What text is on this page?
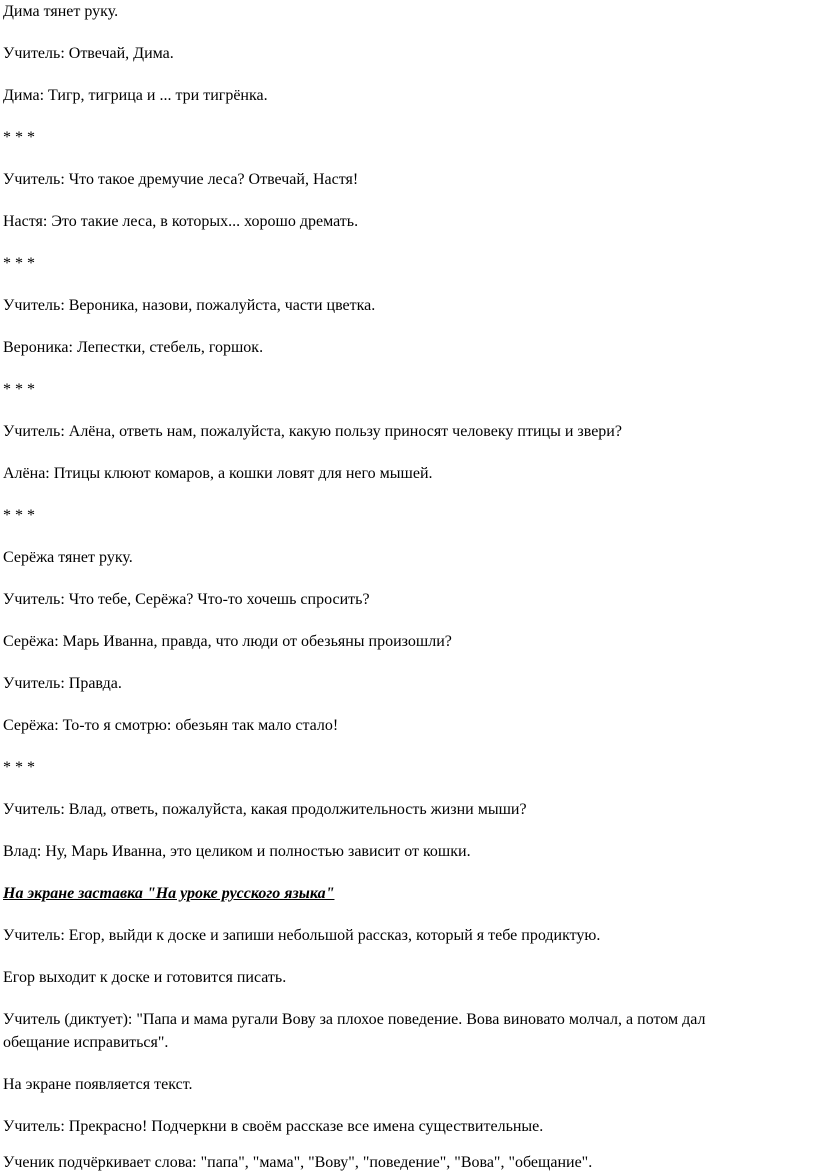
Дима тянет руку.
Учитель: Отвечай, Дима.
Дима: Тигр, тигрица и ... три тигрёнка.
* * *
Учитель: Что такое дремучие леса? Отвечай, Настя!
Настя: Это такие леса, в которых... хорошо дремать.
* * *
Учитель: Вероника, назови, пожалуйста, части цветка.
Вероника: Лепестки, стебель, горшок.
* * *
Учитель: Алёна, ответь нам, пожалуйста, какую пользу приносят человеку птицы и звери?
Алёна: Птицы клюют комаров, а кошки ловят для него мышей.
* * *
Серёжа тянет руку.
Учитель: Что тебе, Серёжа? Что-то хочешь спросить?
Серёжа: Марь Иванна, правда, что люди от обезьяны произошли?
Учитель: Правда.
Серёжа: То-то я смотрю: обезьян так мало стало!
* * *
Учитель: Влад, ответь, пожалуйста, какая продолжительность жизни мыши?
Влад: Ну, Марь Иванна, это целиком и полностью зависит от кошки.
На экране заставка "На уроке русского языка"
Учитель: Егор, выйди к доске и запиши небольшой рассказ, который я тебе продиктую.
Егор выходит к доске и готовится писать.
Учитель (диктует): "Папа и мама ругали Вову за плохое поведение. Вова виновато молчал, а потом дал
обещание исправиться".
На экране появляется текст.
Учитель: Прекрасно! Подчеркни в своём рассказе все имена существительные.
Ученик подчёркивает слова: "папа", "мама", "Вову", "поведение", "Вова", "обещание".
